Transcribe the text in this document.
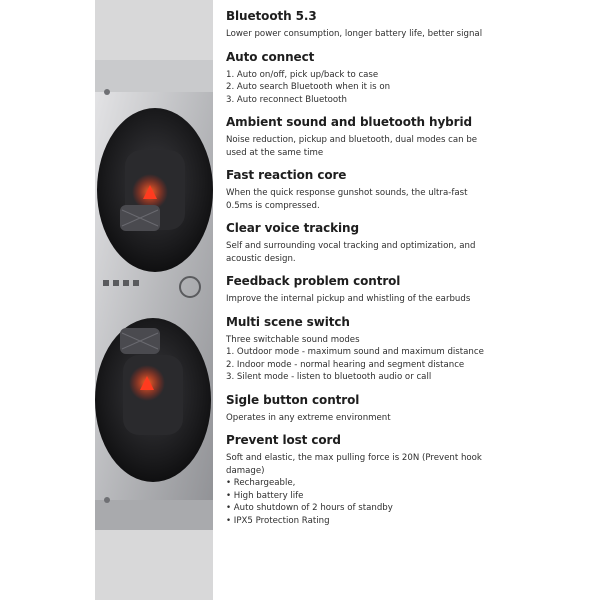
Bluetooth 5.3
Lower power consumption, longer battery life, better signal
Auto connect
1. Auto on/off, pick up/back to case
2. Auto search Bluetooth when it is on
3. Auto reconnect Bluetooth
Ambient sound and bluetooth hybrid
Noise reduction, pickup and bluetooth, dual modes can be
used at the same time
Fast reaction core
When the quick response gunshot sounds, the ultra-fast
0.5ms is compressed.
Clear voice tracking
Self and surrounding vocal tracking and optimization, and
acoustic design.
Feedback problem control
Improve the internal pickup and whistling of the earbuds
Multi scene switch
Three switchable sound modes
1. Outdoor mode - maximum sound and maximum distance
2. Indoor mode - normal hearing and segment distance
3. Silent mode - listen to bluetooth audio or call
Sigle button control
Operates in any extreme environment
Prevent lost cord
Soft and elastic, the max pulling force is 20N (Prevent hook
damage)
• Rechargeable,
• High battery life
• Auto shutdown of 2 hours of standby
• IPX5 Protection Rating
